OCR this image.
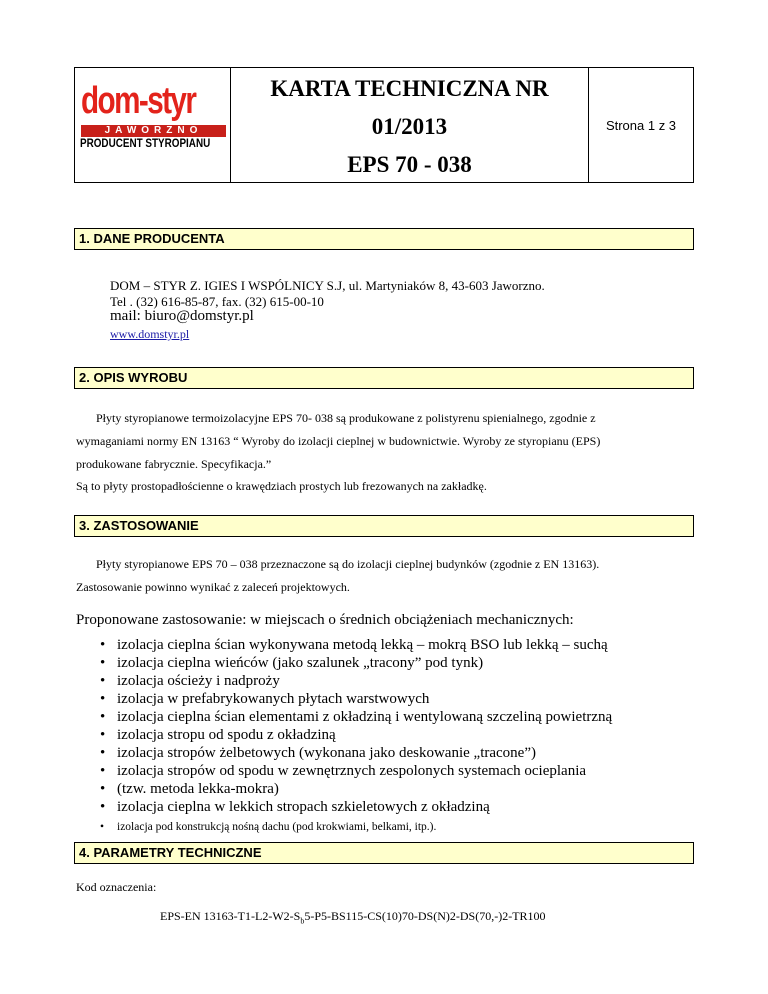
dom-styr
JAWORZNO
PRODUCENT STYROPIANU
KARTA TECHNICZNA NR
01/2013
EPS 70 - 038
Strona 1 z 3
1. DANE PRODUCENTA
DOM – STYR Z. IGIES I WSPÓLNICY S.J, ul. Martyniaków 8, 43-603 Jaworzno.
Tel . (32) 616-85-87, fax. (32) 615-00-10
mail: biuro@domstyr.pl
www.domstyr.pl
2. OPIS WYROBU
Płyty styropianowe termoizolacyjne EPS 70- 038 są produkowane z polistyrenu spienialnego, zgodnie z
wymaganiami normy EN 13163 “ Wyroby do izolacji cieplnej w budownictwie. Wyroby ze styropianu (EPS)
produkowane fabrycznie. Specyfikacja.”
Są to płyty prostopadłościenne o krawędziach prostych lub frezowanych na zakładkę.
3. ZASTOSOWANIE
Płyty styropianowe EPS 70 – 038 przeznaczone są do izolacji cieplnej budynków (zgodnie z EN 13163).
Zastosowanie powinno wynikać z zaleceń projektowych.
Proponowane zastosowanie: w miejscach o średnich obciążeniach mechanicznych:
• izolacja cieplna ścian wykonywana metodą lekką – mokrą BSO lub lekką – suchą
• izolacja cieplna wieńców (jako szalunek „tracony” pod tynk)
• izolacja ościeży i nadproży
• izolacja w prefabrykowanych płytach warstwowych
• izolacja cieplna ścian elementami z okładziną i wentylowaną szczeliną powietrzną
• izolacja stropu od spodu z okładziną
• izolacja stropów żelbetowych (wykonana jako deskowanie „tracone”)
• izolacja stropów od spodu w zewnętrznych zespolonych systemach ocieplania
• (tzw. metoda lekka-mokra)
• izolacja cieplna w lekkich stropach szkieletowych z okładziną
• izolacja pod konstrukcją nośną dachu (pod krokwiami, belkami, itp.).
4. PARAMETRY TECHNICZNE
Kod oznaczenia:
EPS-EN $13163-T1-L2-W2-S_b5-P5-BS115-CS(10)70-DS(N)2-DS(70,-)2-TR100$
